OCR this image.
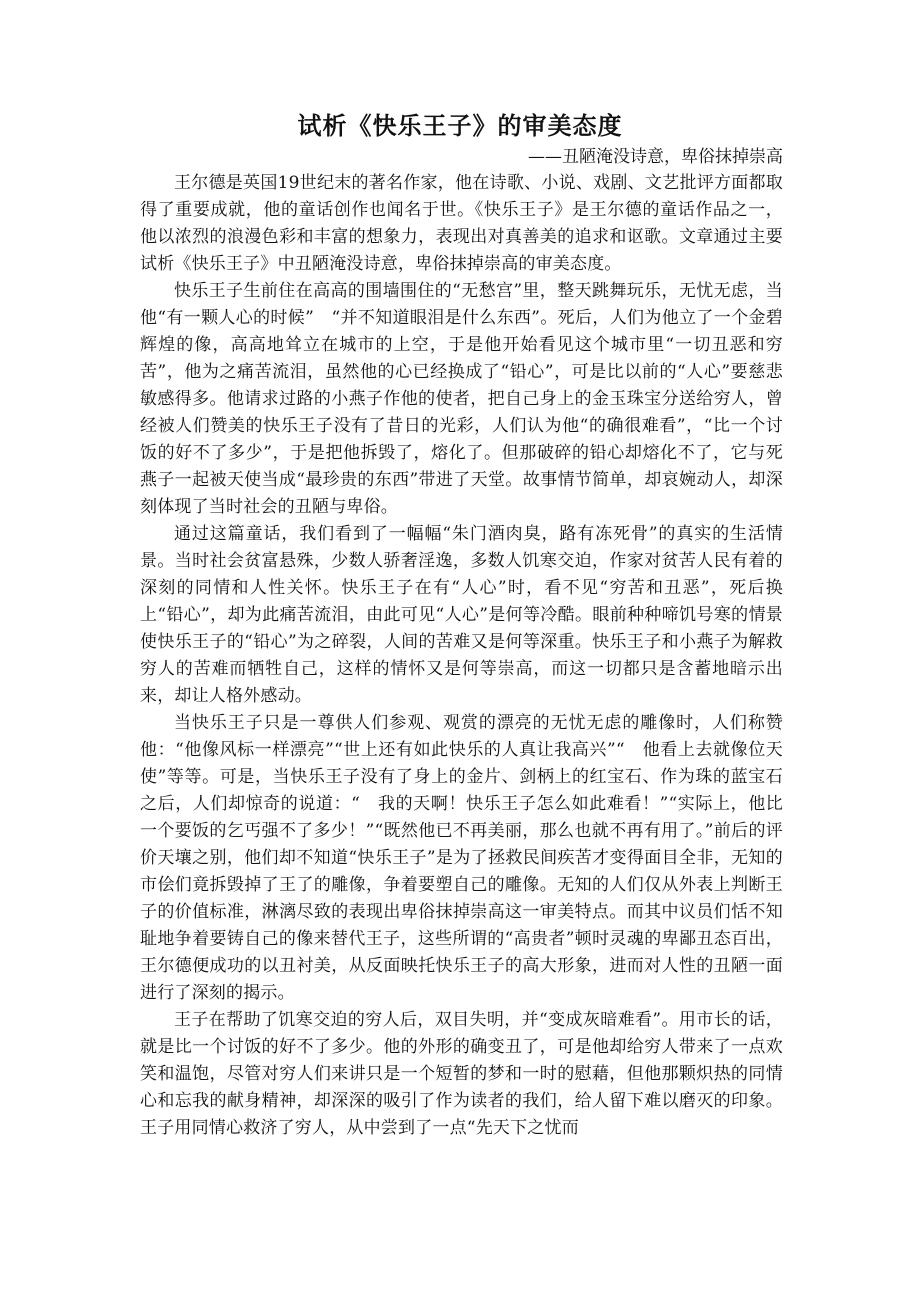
试析《快乐王子》的审美态度
——丑陋淹没诗意，卑俗抹掉崇高

王尔德是英国19世纪末的著名作家，他在诗歌、小说、戏剧、文艺批评方面都取得了重要成就，他的童话创作也闻名于世。《快乐王子》是王尔德的童话作品之一，他以浓烈的浪漫色彩和丰富的想象力，表现出对真善美的追求和讴歌。文章通过主要试析《快乐王子》中丑陋淹没诗意，卑俗抹掉崇高的审美态度。

快乐王子生前住在高高的围墙围住的“无愁宫”里，整天跳舞玩乐，无忧无虑，当他“有一颗人心的时候”　“并不知道眼泪是什么东西”。死后，人们为他立了一个金碧辉煌的像，高高地耸立在城市的上空，于是他开始看见这个城市里“一切丑恶和穷苦”，他为之痛苦流泪，虽然他的心已经换成了“铅心”，可是比以前的“人心”要慈悲敏感得多。他请求过路的小燕子作他的使者，把自己身上的金玉珠宝分送给穷人，曾经被人们赞美的快乐王子没有了昔日的光彩，人们认为他“的确很难看”，“比一个讨饭的好不了多少”，于是把他拆毁了，熔化了。但那破碎的铅心却熔化不了，它与死燕子一起被天使当成“最珍贵的东西”带进了天堂。故事情节简单，却哀婉动人，却深刻体现了当时社会的丑陋与卑俗。

通过这篇童话，我们看到了一幅幅“朱门酒肉臭，路有冻死骨”的真实的生活情景。当时社会贫富悬殊，少数人骄奢淫逸，多数人饥寒交迫，作家对贫苦人民有着的深刻的同情和人性关怀。快乐王子在有“人心”时，看不见“穷苦和丑恶”，死后换上“铅心”，却为此痛苦流泪，由此可见“人心”是何等冷酷。眼前种种啼饥号寒的情景使快乐王子的“铅心”为之碎裂，人间的苦难又是何等深重。快乐王子和小燕子为解救穷人的苦难而牺牲自己，这样的情怀又是何等崇高，而这一切都只是含蓄地暗示出来，却让人格外感动。

当快乐王子只是一尊供人们参观、观赏的漂亮的无忧无虑的雕像时，人们称赞他：“他像风标一样漂亮”“世上还有如此快乐的人真让我高兴”“　他看上去就像位天使”等等。可是，当快乐王子没有了身上的金片、剑柄上的红宝石、作为珠的蓝宝石之后，人们却惊奇的说道：“　我的天啊！快乐王子怎么如此难看！”“实际上，他比一个要饭的乞丐强不了多少！”“既然他已不再美丽，那么也就不再有用了。”前后的评价天壤之别，他们却不知道“快乐王子”是为了拯救民间疾苦才变得面目全非，无知的市侩们竟拆毁掉了王了的雕像，争着要塑自己的雕像。无知的人们仅从外表上判断王子的价值标准，淋漓尽致的表现出卑俗抹掉崇高这一审美特点。而其中议员们恬不知耻地争着要铸自己的像来替代王子，这些所谓的“高贵者”顿时灵魂的卑鄙丑态百出，王尔德便成功的以丑衬美，从反面映托快乐王子的高大形象，进而对人性的丑陋一面进行了深刻的揭示。

王子在帮助了饥寒交迫的穷人后，双目失明，并“变成灰暗难看”。用市长的话，就是比一个讨饭的好不了多少。他的外形的确变丑了，可是他却给穷人带来了一点欢笑和温饱，尽管对穷人们来讲只是一个短暂的梦和一时的慰藉，但他那颗炽热的同情心和忘我的献身精神，却深深的吸引了作为读者的我们，给人留下难以磨灭的印象。王子用同情心救济了穷人，从中尝到了一点“先天下之忧而
